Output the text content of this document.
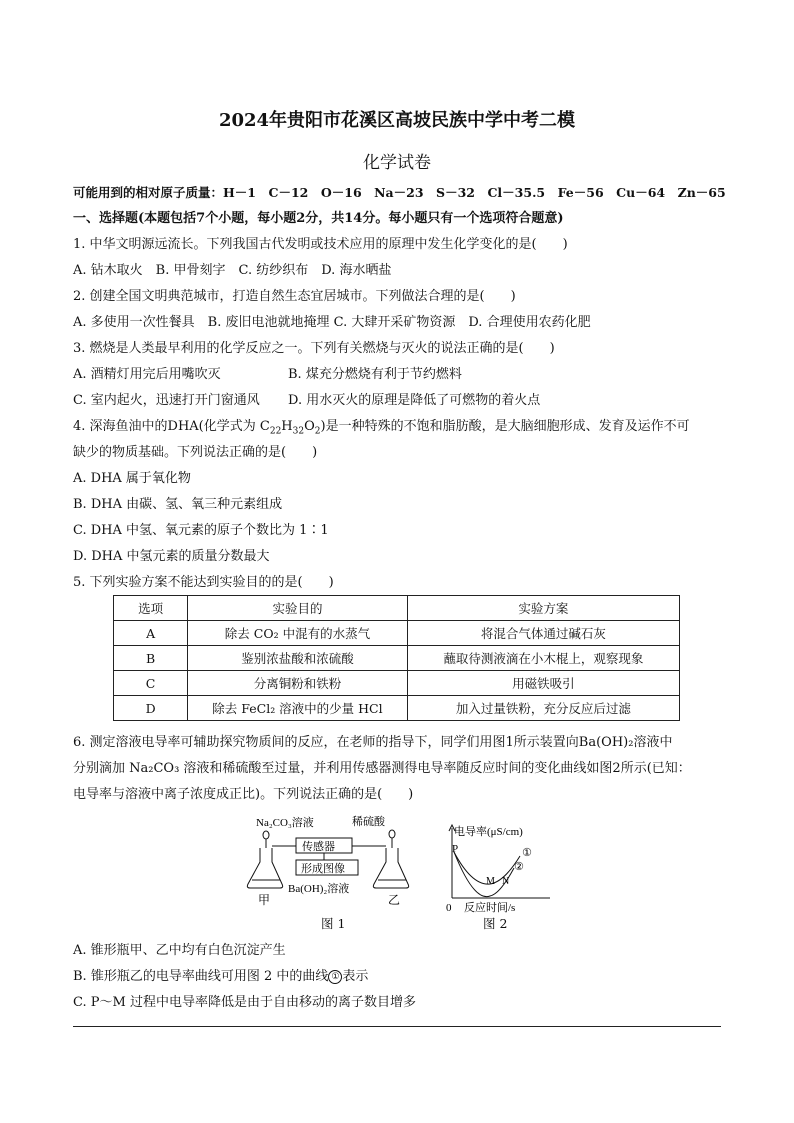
2024年贵阳市花溪区高坡民族中学中考二模
化学试卷
可能用到的相对原子质量：H－1　C－12　O－16　Na－23　S－32　Cl－35.5　Fe－56　Cu－64　Zn－65
一、选择题(本题包括7个小题，每小题2分，共14分。每小题只有一个选项符合题意)
1. 中华文明源远流长。下列我国古代发明或技术应用的原理中发生化学变化的是(　　)
A. 钻木取火　B. 甲骨刻字　C. 纺纱织布　D. 海水晒盐
2. 创建全国文明典范城市，打造自然生态宜居城市。下列做法合理的是(　　)
A. 多使用一次性餐具　B. 废旧电池就地掩埋 C. 大肆开采矿物资源　D. 合理使用农药化肥
3. 燃烧是人类最早利用的化学反应之一。下列有关燃烧与灭火的说法正确的是(　　)
A. 酒精灯用完后用嘴吹灭	B. 煤充分燃烧有利于节约燃料
C. 室内起火，迅速打开门窗通风	D. 用水灭火的原理是降低了可燃物的着火点
4. 深海鱼油中的DHA(化学式为 $C_{22}H_{32}O_2$)是一种特殊的不饱和脂肪酸，是大脑细胞形成、发育及运作不可
缺少的物质基础。下列说法正确的是(　　)
A. DHA 属于氧化物
B. DHA 由碳、氢、氧三种元素组成
C. DHA 中氢、氧元素的原子个数比为 1∶1
D. DHA 中氢元素的质量分数最大
5. 下列实验方案不能达到实验目的的是(　　)
选项	实验目的	实验方案
A	除去 CO₂ 中混有的水蒸气	将混合气体通过碱石灰
B	鉴别浓盐酸和浓硫酸	蘸取待测液滴在小木棍上，观察现象
C	分离铜粉和铁粉	用磁铁吸引
D	除去 FeCl₂ 溶液中的少量 HCl	加入过量铁粉，充分反应后过滤
6. 测定溶液电导率可辅助探究物质间的反应，在老师的指导下，同学们用图1所示装置向Ba(OH)₂溶液中
分别滴加 Na₂CO₃ 溶液和稀硫酸至过量，并利用传感器测得电导率随反应时间的变化曲线如图2所示(已知：
电导率与溶液中离子浓度成正比)。下列说法正确的是(　　)
Na₂CO₃溶液	稀硫酸
传感器
形成图像
Ba(OH)₂溶液
甲	乙
图 1
电导率(μS/cm)
0 反应时间/s
P
M N
①
②
图 2
A. 锥形瓶甲、乙中均有白色沉淀产生
B. 锥形瓶乙的电导率曲线可用图 2 中的曲线 ① 表示
C. P～M 过程中电导率降低是由于自由移动的离子数目增多
